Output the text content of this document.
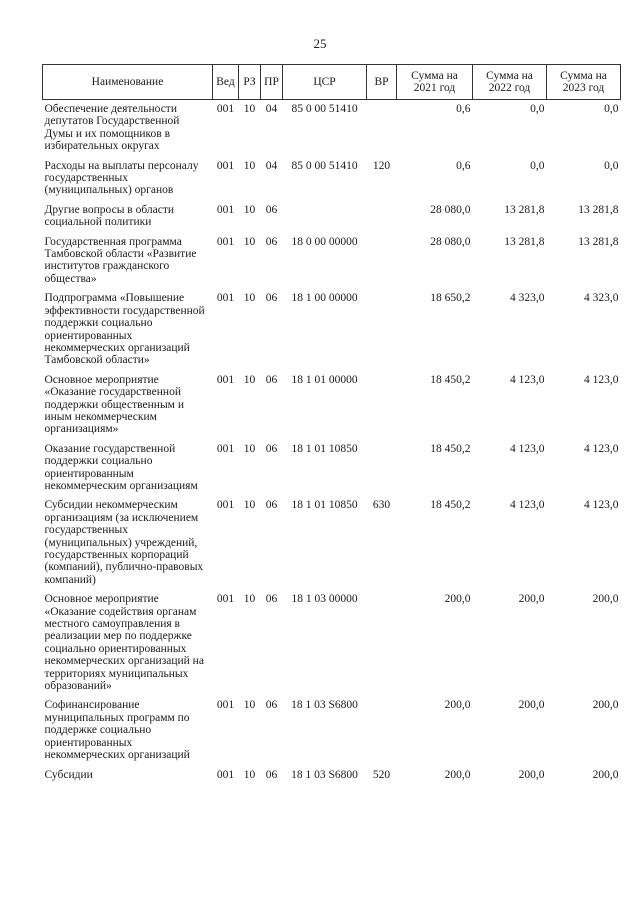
25
Наименование	Вед	РЗ	ПР	ЦСР	ВР	Сумма на 2021 год	Сумма на 2022 год	Сумма на 2023 год
Обеспечение деятельности депутатов Государственной Думы и их помощников в избирательных округах	001	10	04	85 0 00 51410		0,6	0,0	0,0
Расходы на выплаты персоналу государственных (муниципальных) органов	001	10	04	85 0 00 51410	120	0,6	0,0	0,0
Другие вопросы в области социальной политики	001	10	06			28 080,0	13 281,8	13 281,8
Государственная программа Тамбовской области «Развитие институтов гражданского общества»	001	10	06	18 0 00 00000		28 080,0	13 281,8	13 281,8
Подпрограмма «Повышение эффективности государственной поддержки социально ориентированных некоммерческих организаций Тамбовской области»	001	10	06	18 1 00 00000		18 650,2	4 323,0	4 323,0
Основное мероприятие «Оказание государственной поддержки общественным и иным некоммерческим организациям»	001	10	06	18 1 01 00000		18 450,2	4 123,0	4 123,0
Оказание государственной поддержки социально ориентированным некоммерческим организациям	001	10	06	18 1 01 10850		18 450,2	4 123,0	4 123,0
Субсидии некоммерческим организациям (за исключением государственных (муниципальных) учреждений, государственных корпораций (компаний), публично-правовых компаний)	001	10	06	18 1 01 10850	630	18 450,2	4 123,0	4 123,0
Основное мероприятие «Оказание содействия органам местного самоуправления в реализации мер по поддержке социально ориентированных некоммерческих организаций на территориях муниципальных образований»	001	10	06	18 1 03 00000		200,0	200,0	200,0
Софинансирование муниципальных программ по поддержке социально ориентированных некоммерческих организаций	001	10	06	18 1 03 S6800		200,0	200,0	200,0
Субсидии	001	10	06	18 1 03 S6800	520	200,0	200,0	200,0
